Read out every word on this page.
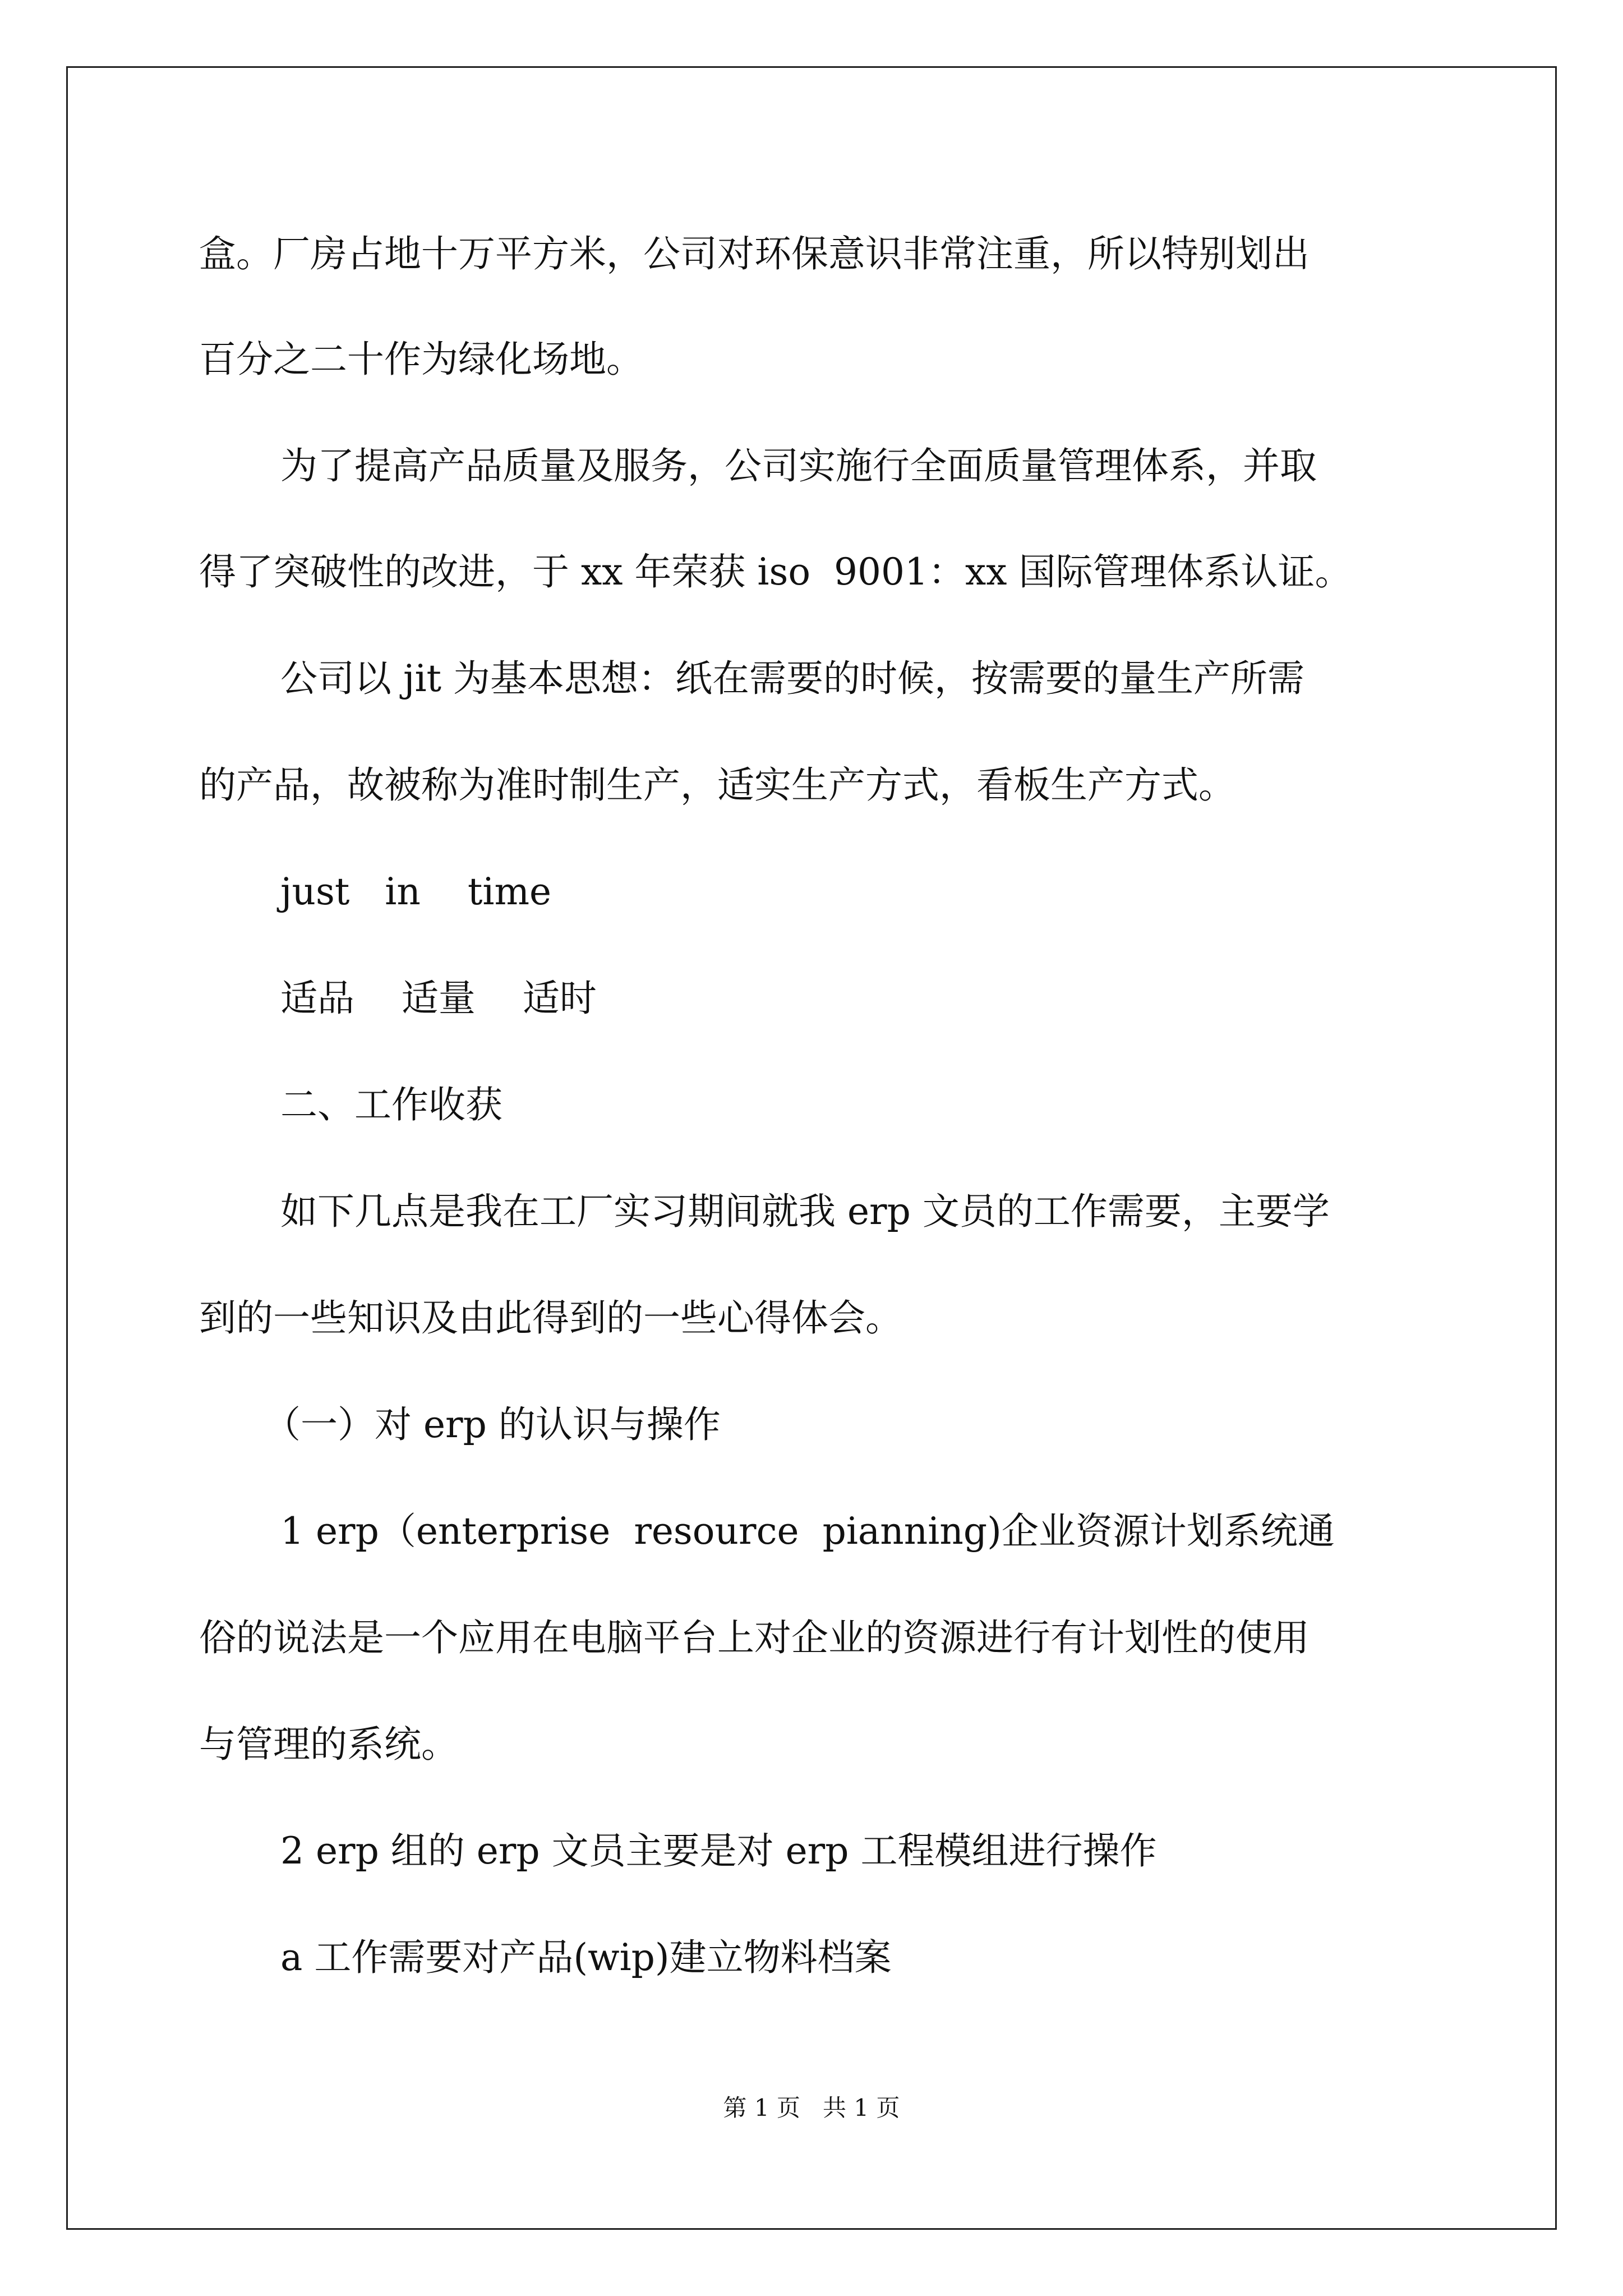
盒。厂房占地十万平方米，公司对环保意识非常注重，所以特别划出
百分之二十作为绿化场地。
为了提高产品质量及服务，公司实施行全面质量管理体系，并取
得了突破性的改进，于 xx 年荣获 iso  9001：xx 国际管理体系认证。
公司以 jit 为基本思想：纸在需要的时候，按需要的量生产所需
的产品，故被称为准时制生产，适实生产方式，看板生产方式。
just   in    time
适品    适量    适时
二、工作收获
如下几点是我在工厂实习期间就我 erp 文员的工作需要，主要学
到的一些知识及由此得到的一些心得体会。
（一）对 erp 的认识与操作
1 erp（enterprise  resource  pianning)企业资源计划系统通
俗的说法是一个应用在电脑平台上对企业的资源进行有计划性的使用
与管理的系统。
2 erp 组的 erp 文员主要是对 erp 工程模组进行操作
a 工作需要对产品(wip)建立物料档案
第 1 页   共 1 页
